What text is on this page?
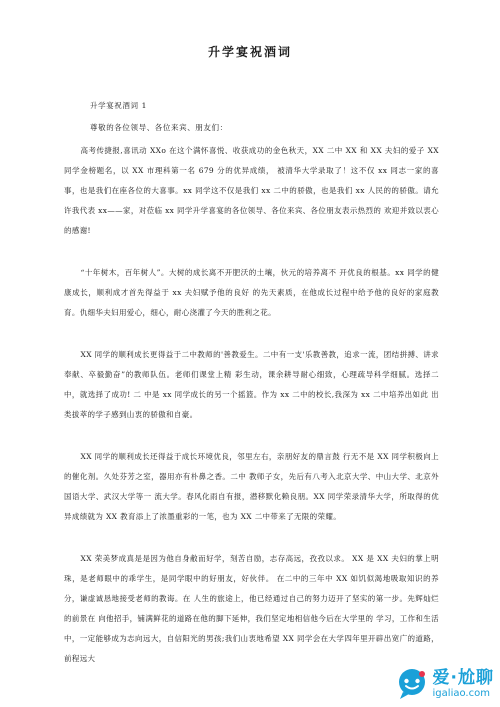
升学宴祝酒词
升学宴祝酒词 1
尊敬的各位领导、各位来宾、朋友们：

高考传捷报,喜讯动 XXo 在这个满怀喜悦、收获成功的金色秋天，XX 二中 XX 和 XX 夫妇的爱子 XX 同学金榜题名，以 XX 市理科第一名 679 分的优异成绩， 被清华大学录取了！这不仅 xx 同志一家的喜事，也是我们在座各位的大喜事。xx 同学这不仅是我们 xx 二中的骄傲，也是我们 xx 人民的的骄傲。请允许我代表 xx——家，对莅临 xx 同学升学喜宴的各位领导、各位来宾、各位朋友表示热烈的 欢迎并致以衷心的感谢!

“十年树木，百年树人”。大树的成长离不开肥沃的土壤，伙元的培养离不 开优良的根基。xx 同学的健康成长，顺利成才首先得益于 xx 夫妇赋予他的良好 的先天素质，在他成长过程中给予他的良好的家庭教育。仇细华夫妇用爱心，细心，耐心浇灌了今天的胜利之花。

XX 同学的顺利成长更得益于二中教师的'善教爱生。二中有一支'乐教善教，追求一流，团结拼搏、讲求奉献、卒毅勤奋”的教师队伍。老师们课堂上精 彩生动，课余耕导耐心细致，心理疏导科学细腻。选择二中，就选择了成功! 二 中是 xx 同学成长的另一个摇篮。作为 xx 二中的校长,我深为 xx 二中培养出如此 出类拔萃的学子感到山衷的骄傲和自豪。

XX 同学的顺利成长还得益于成长环境优良，邻里左右，亲朋好友的鼎言鼓 行无不是 XX 同学积极向上的催化剂。久处芬芳之室，器用亦有朴鼻之香。二中 教师子女，先后有八考入北京大学、中山大学、北京外国语大学、武汉大学等一 流大学。春风化雨自有报，潜移默化赖良朋。XX 同学荣录清华大学，所取得的优 异成绩就为 XX 教育添上了浓墨重彩的一笔，也为 XX 二中带来了无限的荣耀。

XX 荣美梦成真是是因为他自身敝而好学，刻苦自励，志存高远，孜孜以求。 XX 是 XX 夫妇的掌上明珠，是老师眼中的乖学生，是同学眼中的好朋友，好伙伴。 在二中的三年中 XX 如饥似渴地吸取知识的养分，谦虚诚恳地接受老师的教诲。在 人生的旅途上，他已经通过自己的努力迈开了坚实的第一步。先辉灿烂的前景在 向他招手，铺满鲜花的道路在他的脚下延伸，我们坚定地相信他今后在大学里的 学习，工作和生活中，一定能够成为志向远大，自信阳光的男孩;我们山衷地希望 XX 同学会在大学四年里开辟出宽广的道路，前程远大

爱·尬聊
igaliao.com
